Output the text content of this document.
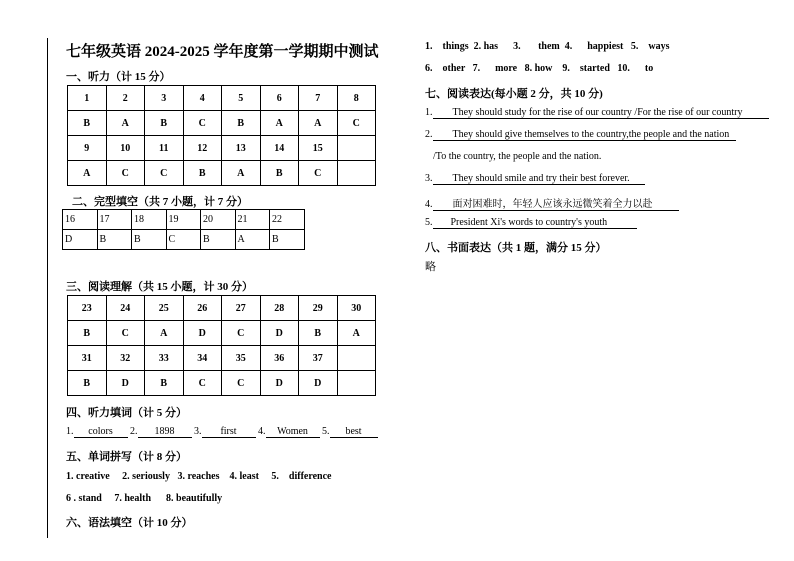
七年级英语 2024-2025 学年度第一学期期中测试
一、听力（计 15 分）
1	2	3	4	5	6	7	8
B	A	B	C	B	A	A	C
9	10	11	12	13	14	15	
A	C	C	B	A	B	C	
二、完型填空（共 7 小题，计 7 分）
16	17	18	19	20	21	22
D	B	B	C	B	A	B
三、阅读理解（共 15 小题，计 30 分）
23	24	25	26	27	28	29	30
B	C	A	D	C	D	B	A
31	32	33	34	35	36	37	
B	D	B	C	C	D	D	
四、听力填词（计 5 分）
1. colors 2. 1898 3. first 4. Women 5. best
五、单词拼写（计 8 分）
1. creative     2. seriously   3. reaches    4. least     5.    difference
6 . stand     7. health      8. beautifully
六、语法填空（计 10 分）
1.    things  2. has      3.       them  4.      happiest   5.    ways
6.    other   7.      more   8. how    9.    started   10.      to
七、阅读表达(每小题 2 分，共 10 分)
1. They should study for the rise of our country /For the rise of our country
2. They should give themselves to the country,the people and the nation
/To the country, the people and the nation.
3. They should smile and try their best forever.
4. 面对困难时，年轻人应该永远微笑着全力以赴
5. President Xi's words to country's youth
八、书面表达（共 1 题，满分 15 分）
略
